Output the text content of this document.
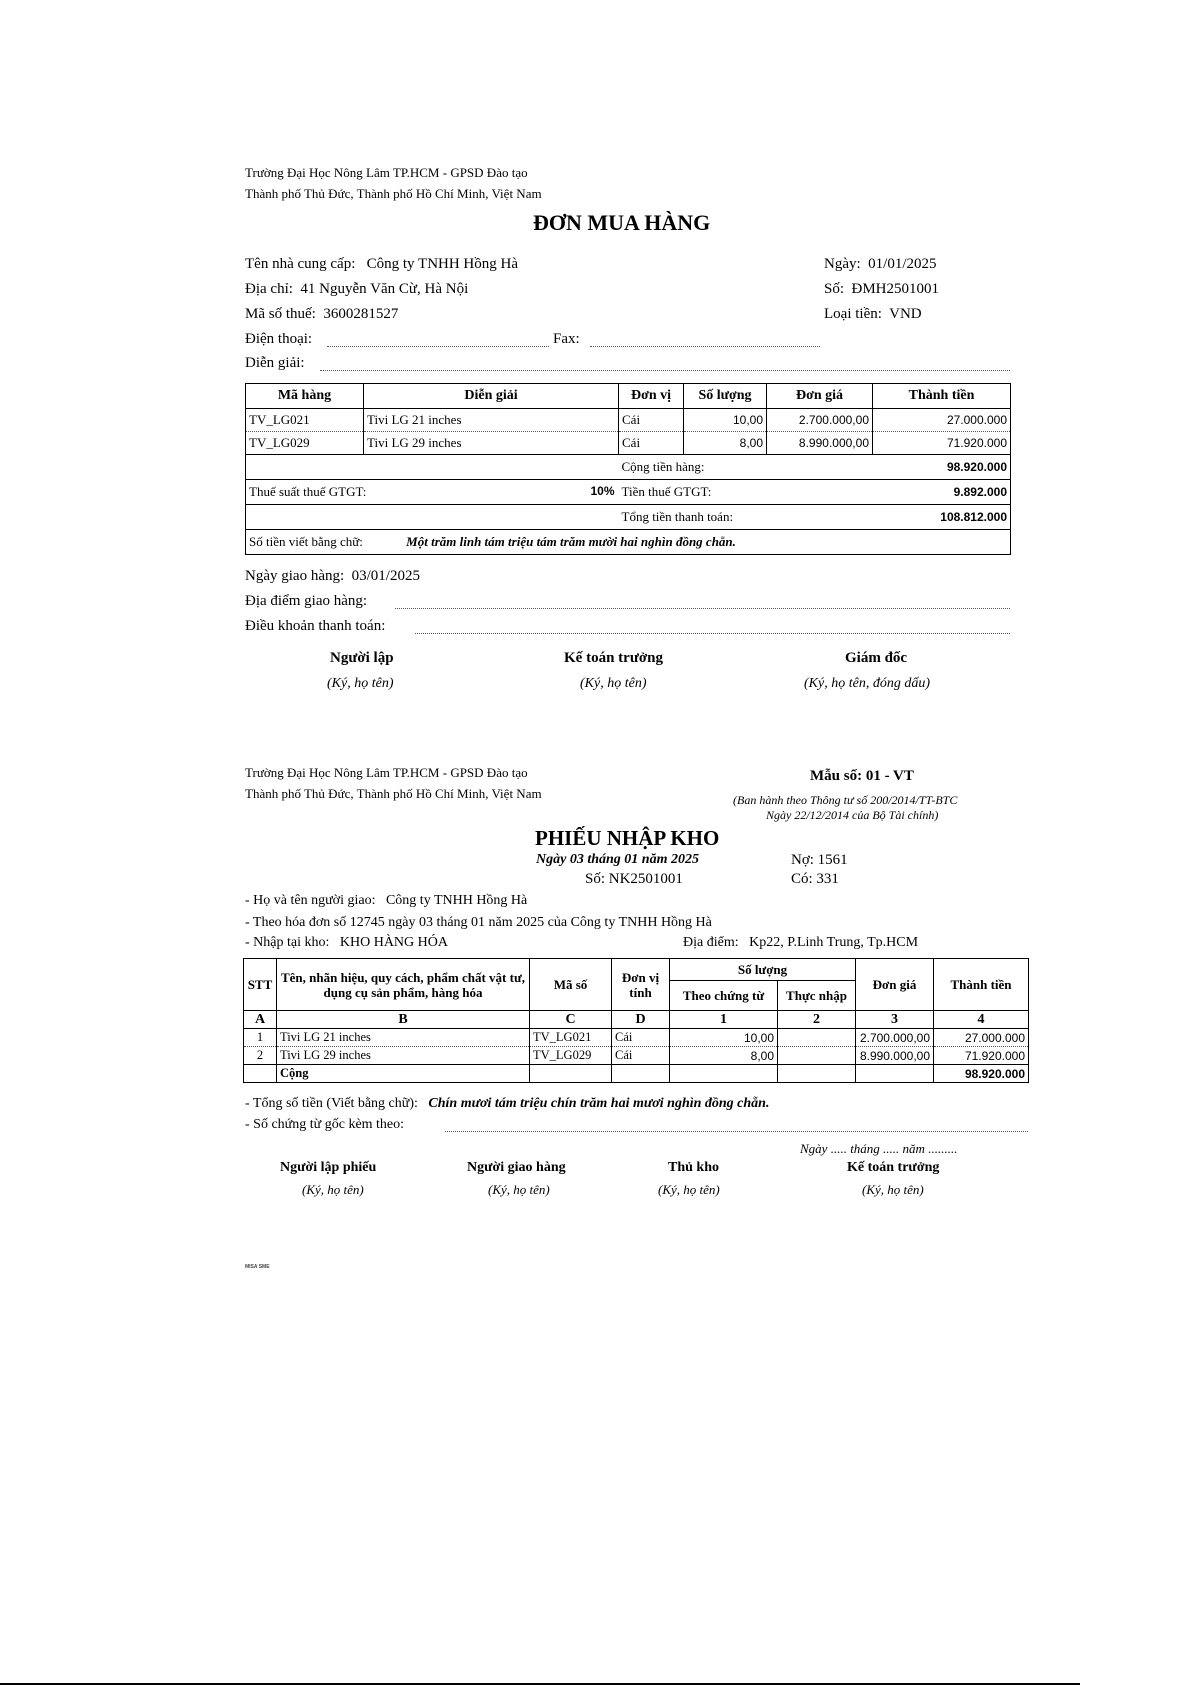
Trường Đại Học Nông Lâm TP.HCM - GPSD Đào tạo
Thành phố Thủ Đức, Thành phố Hồ Chí Minh, Việt Nam
ĐƠN MUA HÀNG
Tên nhà cung cấp: Công ty TNHH Hồng Hà
Địa chỉ: 41 Nguyễn Văn Cừ, Hà Nội
Mã số thuế: 3600281527
Điện thoại:	Fax:
Diễn giải:
Ngày: 01/01/2025
Số: ĐMH2501001
Loại tiền: VND
Mã hàng	Diễn giải	Đơn vị	Số lượng	Đơn giá	Thành tiền
TV_LG021	Tivi LG 21 inches	Cái	10,00	2.700.000,00	27.000.000
TV_LG029	Tivi LG 29 inches	Cái	8,00	8.990.000,00	71.920.000
		Cộng tiền hàng:			98.920.000
Thuế suất thuế GTGT: 10%		Tiền thuế GTGT:			9.892.000
		Tổng tiền thanh toán:			108.812.000
Số tiền viết bằng chữ: Một trăm linh tám triệu tám trăm mười hai nghìn đồng chẵn.					
Ngày giao hàng: 03/01/2025
Địa điểm giao hàng:
Điều khoản thanh toán:
Người lập
(Ký, họ tên)
Kế toán trưởng
(Ký, họ tên)
Giám đốc
(Ký, họ tên, đóng dấu)
Trường Đại Học Nông Lâm TP.HCM - GPSD Đào tạo
Thành phố Thủ Đức, Thành phố Hồ Chí Minh, Việt Nam
Mẫu số: 01 - VT
(Ban hành theo Thông tư số 200/2014/TT-BTC
Ngày 22/12/2014 của Bộ Tài chính)
PHIẾU NHẬP KHO
Ngày 03 tháng 01 năm 2025
Số: NK2501001
Nợ: 1561
Có: 331
- Họ và tên người giao: Công ty TNHH Hồng Hà
- Theo hóa đơn số 12745 ngày 03 tháng 01 năm 2025 của Công ty TNHH Hồng Hà
- Nhập tại kho: KHO HÀNG HÓA	Địa điểm: Kp22, P.Linh Trung, Tp.HCM
STT	Tên, nhãn hiệu, quy cách, phẩm chất vật tư, dụng cụ sản phẩm, hàng hóa	Mã số	Đơn vị tính	Số lượng		Đơn giá	Thành tiền
				Theo chứng từ	Thực nhập		
A	B	C	D	1	2	3	4
1	Tivi LG 21 inches	TV_LG021	Cái	10,00		2.700.000,00	27.000.000
2	Tivi LG 29 inches	TV_LG029	Cái	8,00		8.990.000,00	71.920.000
	Cộng						98.920.000
- Tổng số tiền (Viết bằng chữ): Chín mươi tám triệu chín trăm hai mươi nghìn đồng chẵn.
- Số chứng từ gốc kèm theo:
Ngày ..... tháng ..... năm .........
Người lập phiếu
(Ký, họ tên)
Người giao hàng
(Ký, họ tên)
Thủ kho
(Ký, họ tên)
Kế toán trưởng
(Ký, họ tên)
MISA SME
